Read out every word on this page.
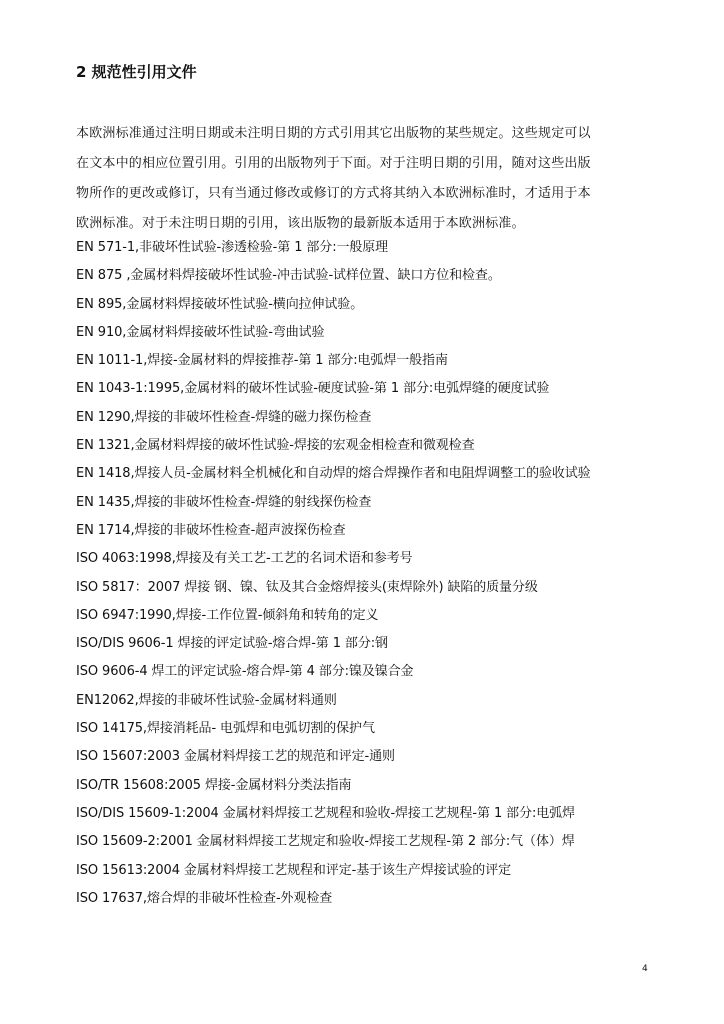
2 规范性引用文件
本欧洲标准通过注明日期或未注明日期的方式引用其它出版物的某些规定。这些规定可以
在文本中的相应位置引用。引用的出版物列于下面。对于注明日期的引用，随对这些出版
物所作的更改或修订，只有当通过修改或修订的方式将其纳入本欧洲标准时，才适用于本
欧洲标准。对于未注明日期的引用，该出版物的最新版本适用于本欧洲标准。
EN 571-1,非破坏性试验-渗透检验-第 1 部分:一般原理
EN 875 ,金属材料焊接破坏性试验-冲击试验-试样位置、缺口方位和检查。
EN 895,金属材料焊接破坏性试验-横向拉伸试验。
EN 910,金属材料焊接破坏性试验-弯曲试验
EN 1011-1,焊接-金属材料的焊接推荐-第 1 部分:电弧焊一般指南
EN 1043-1:1995,金属材料的破坏性试验-硬度试验-第 1 部分:电弧焊缝的硬度试验
EN 1290,焊接的非破坏性检查-焊缝的磁力探伤检查
EN 1321,金属材料焊接的破坏性试验-焊接的宏观金相检查和微观检查
EN 1418,焊接人员-金属材料全机械化和自动焊的熔合焊操作者和电阻焊调整工的验收试验
EN 1435,焊接的非破坏性检查-焊缝的射线探伤检查
EN 1714,焊接的非破坏性检查-超声波探伤检查
ISO 4063:1998,焊接及有关工艺-工艺的名词术语和参考号
ISO 5817：2007 焊接 钢、镍、钛及其合金熔焊接头(束焊除外) 缺陷的质量分级
ISO 6947:1990,焊接-工作位置-倾斜角和转角的定义
ISO/DIS 9606-1 焊接的评定试验-熔合焊-第 1 部分:钢
ISO 9606-4 焊工的评定试验-熔合焊-第 4 部分:镍及镍合金
EN12062,焊接的非破坏性试验-金属材料通则
ISO 14175,焊接消耗品- 电弧焊和电弧切割的保护气
ISO 15607:2003 金属材料焊接工艺的规范和评定-通则
ISO/TR 15608:2005 焊接-金属材料分类法指南
ISO/DIS 15609-1:2004 金属材料焊接工艺规程和验收-焊接工艺规程-第 1 部分:电弧焊
ISO 15609-2:2001 金属材料焊接工艺规定和验收-焊接工艺规程-第 2 部分:气（体）焊
ISO 15613:2004 金属材料焊接工艺规程和评定-基于该生产焊接试验的评定
ISO 17637,熔合焊的非破坏性检查-外观检查
4
